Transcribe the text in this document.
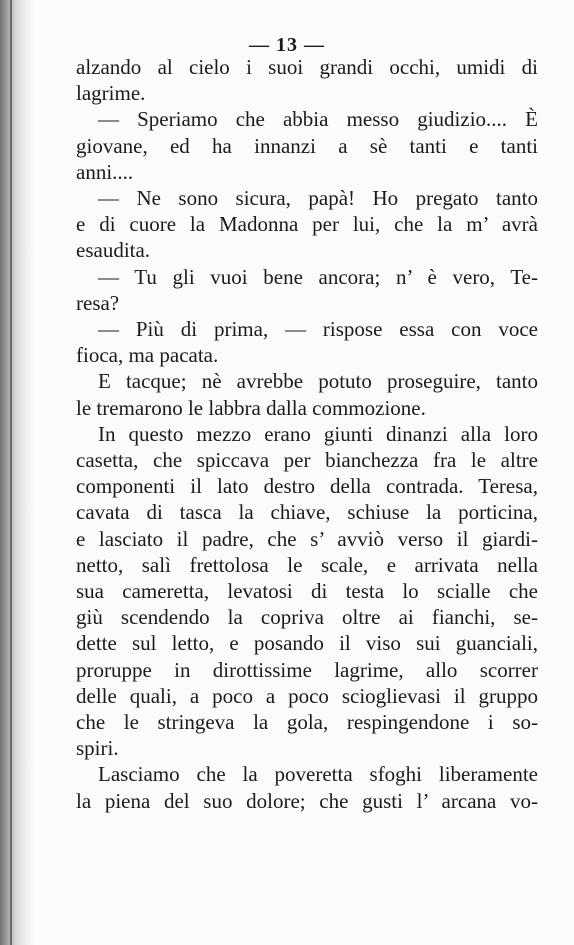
— 13 —
alzando al cielo i suoi grandi occhi, umidi di
lagrime.
— Speriamo che abbia messo giudizio.... È
giovane, ed ha innanzi a sè tanti e tanti
anni....
— Ne sono sicura, papà! Ho pregato tanto
e di cuore la Madonna per lui, che la m’ avrà
esaudita.
— Tu gli vuoi bene ancora; n’ è vero, Te-
resa?
— Più di prima, — rispose essa con voce
fioca, ma pacata.
E tacque; nè avrebbe potuto proseguire, tanto
le tremarono le labbra dalla commozione.
In questo mezzo erano giunti dinanzi alla loro
casetta, che spiccava per bianchezza fra le altre
componenti il lato destro della contrada. Teresa,
cavata di tasca la chiave, schiuse la porticina,
e lasciato il padre, che s’ avviò verso il giardi-
netto, salì frettolosa le scale, e arrivata nella
sua cameretta, levatosi di testa lo scialle che
giù scendendo la copriva oltre ai fianchi, se-
dette sul letto, e posando il viso sui guanciali,
proruppe in dirottissime lagrime, allo scorrer
delle quali, a poco a poco scioglievasi il gruppo
che le stringeva la gola, respingendone i so-
spiri.
Lasciamo che la poveretta sfoghi liberamente
la piena del suo dolore; che gusti l’ arcana vo-
